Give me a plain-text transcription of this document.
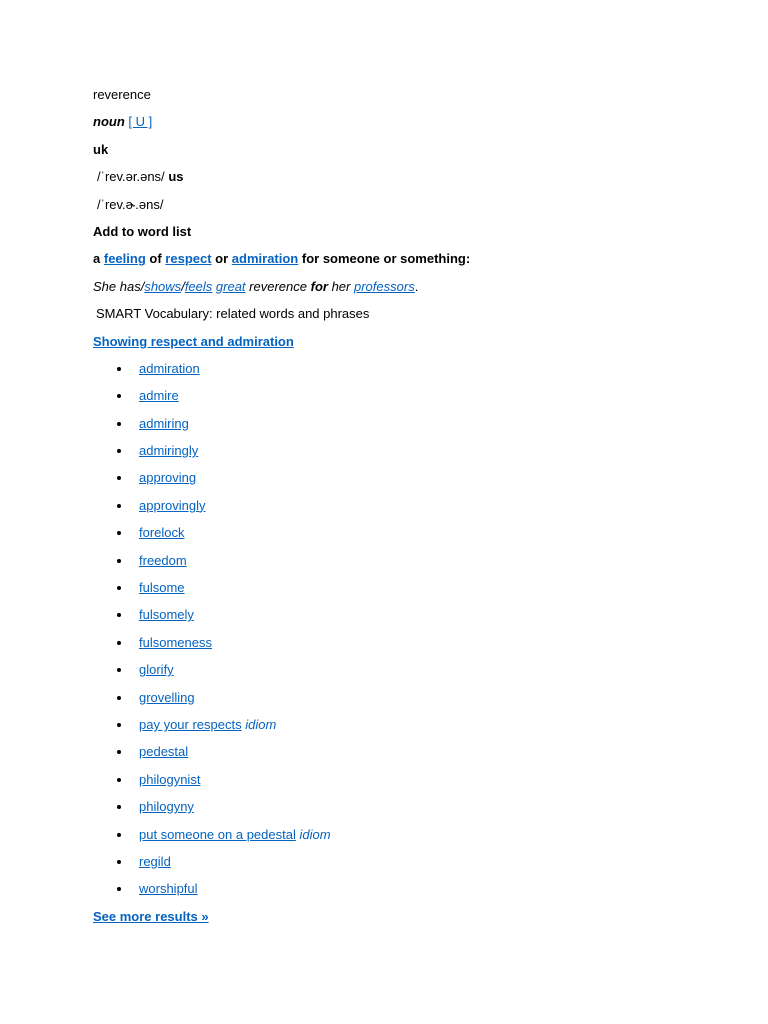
reverence
noun [ U ]
uk
/ˈrev.ər.əns/ us
/ˈrev.ɚ.əns/
Add to word list
a feeling of respect or admiration for someone or something:
She has/shows/feels great reverence for her professors.
SMART Vocabulary: related words and phrases
Showing respect and admiration
admiration
admire
admiring
admiringly
approving
approvingly
forelock
freedom
fulsome
fulsomely
fulsomeness
glorify
grovelling
pay your respects idiom
pedestal
philogynist
philogyny
put someone on a pedestal idiom
regild
worshipful
See more results »
